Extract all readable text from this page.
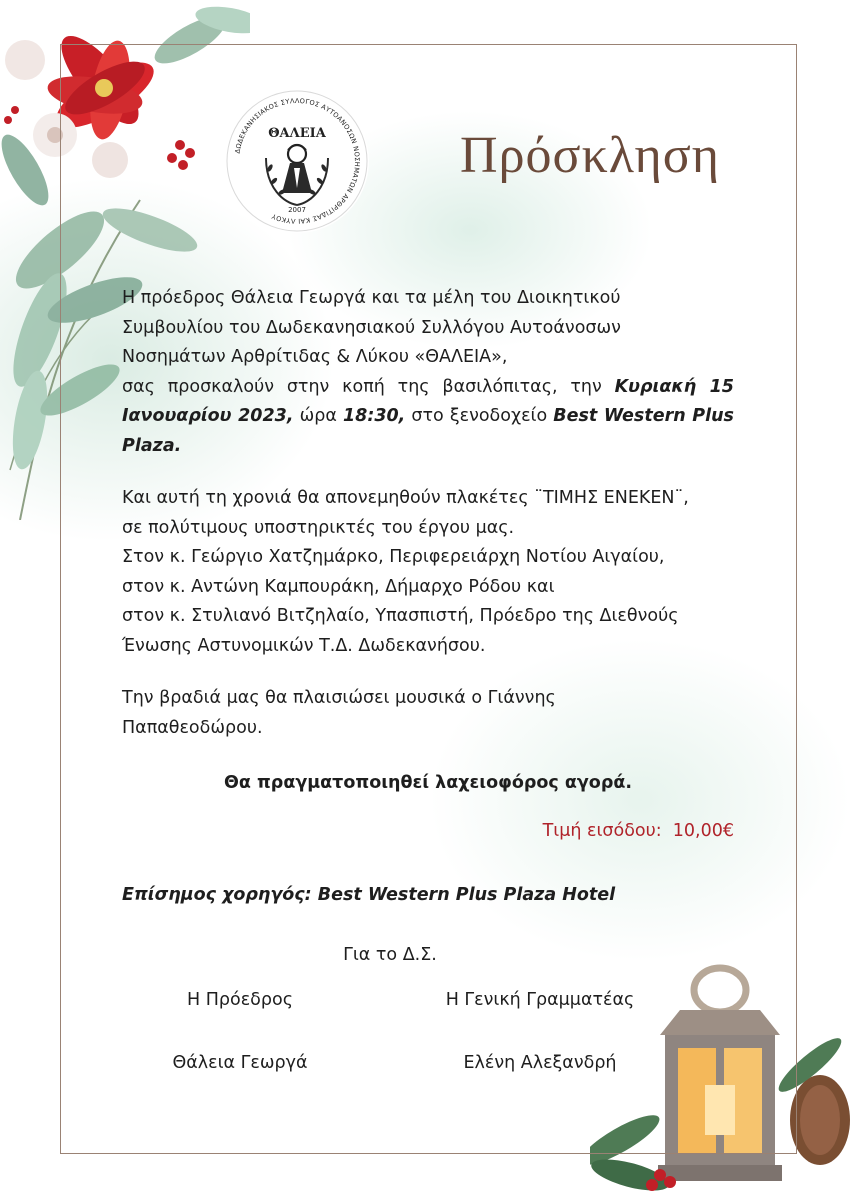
ΔΩΔΕΚΑΝΗΣΙΑΚΟΣ ΣΥΛΛΟΓΟΣ ΑΥΤΟΑΝΟΣΩΝ ΝΟΣΗΜΑΤΩΝ ΑΡΘΡΙΤΙΔΑΣ ΚΑΙ ΛΥΚΟΥ
ΘΑΛΕΙΑ
2007
Πρόσκληση
Η πρόεδρος Θάλεια Γεωργά και τα μέλη του Διοικητικού
Συμβουλίου του Δωδεκανησιακού Συλλόγου Αυτοάνοσων
Νοσημάτων Αρθρίτιδας & Λύκου «ΘΑΛΕΙΑ»,
σας προσκαλούν στην κοπή της βασιλόπιτας, την Κυριακή 15 Ιανουαρίου 2023, ώρα 18:30, στο ξενοδοχείο Best Western Plus Plaza.
Και αυτή τη χρονιά θα απονεμηθούν πλακέτες ¨ΤΙΜΗΣ ΕΝΕΚΕΝ¨,
σε πολύτιμους υποστηρικτές του έργου μας.
Στον κ. Γεώργιο Χατζημάρκο, Περιφερειάρχη Νοτίου Αιγαίου,
στον κ. Αντώνη Καμπουράκη, Δήμαρχο Ρόδου και
στον κ. Στυλιανό Βιτζηλαίο, Υπασπιστή, Πρόεδρο της Διεθνούς
Ένωσης Αστυνομικών Τ.Δ. Δωδεκανήσου.
Την βραδιά μας θα πλαισιώσει μουσικά ο Γιάννης
Παπαθεοδώρου.
Θα πραγματοποιηθεί λαχειοφόρος αγορά.
Τιμή εισόδου: 10,00€
Επίσημος χορηγός: Best Western Plus Plaza Hotel
Για το Δ.Σ.
Η Πρόεδρος	Η Γενική Γραμματέας
Θάλεια Γεωργά	Ελένη Αλεξανδρή
